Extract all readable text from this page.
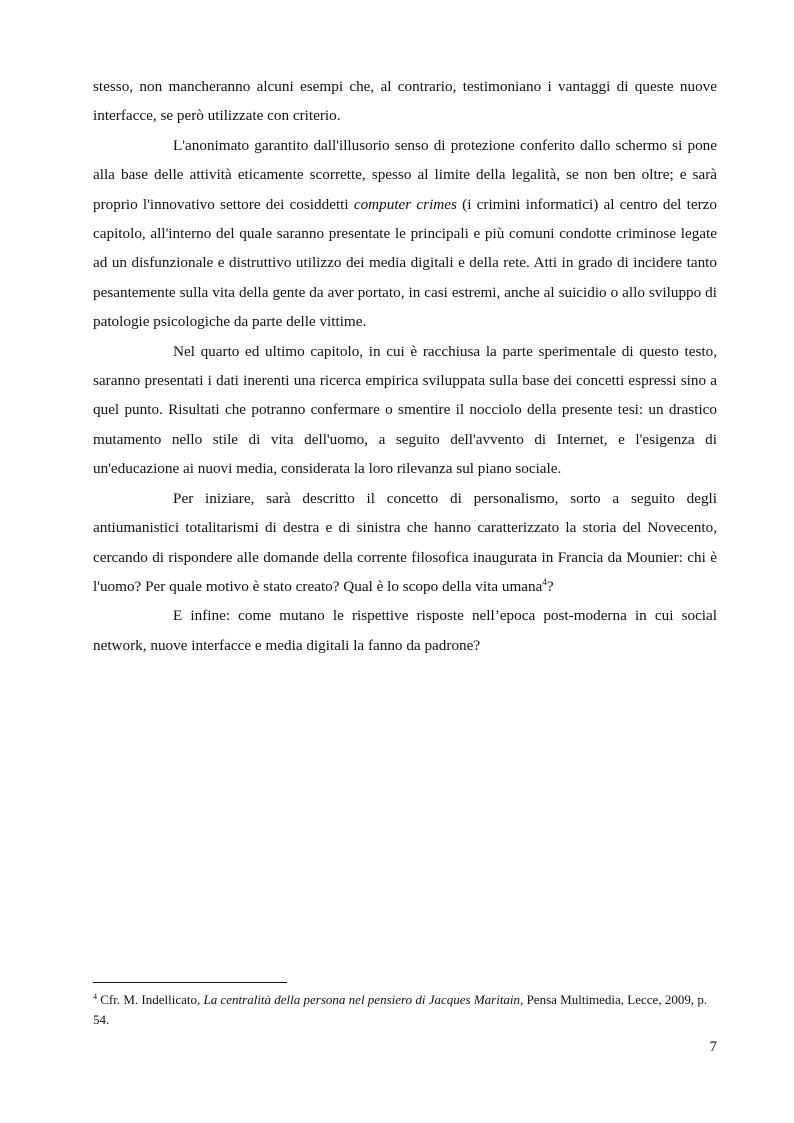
stesso, non mancheranno alcuni esempi che, al contrario, testimoniano i vantaggi di queste nuove interfacce, se però utilizzate con criterio.

L'anonimato garantito dall'illusorio senso di protezione conferito dallo schermo si pone alla base delle attività eticamente scorrette, spesso al limite della legalità, se non ben oltre; e sarà proprio l'innovativo settore dei cosiddetti computer crimes (i crimini informatici) al centro del terzo capitolo, all'interno del quale saranno presentate le principali e più comuni condotte criminose legate ad un disfunzionale e distruttivo utilizzo dei media digitali e della rete. Atti in grado di incidere tanto pesantemente sulla vita della gente da aver portato, in casi estremi, anche al suicidio o allo sviluppo di patologie psicologiche da parte delle vittime.

Nel quarto ed ultimo capitolo, in cui è racchiusa la parte sperimentale di questo testo, saranno presentati i dati inerenti una ricerca empirica sviluppata sulla base dei concetti espressi sino a quel punto. Risultati che potranno confermare o smentire il nocciolo della presente tesi: un drastico mutamento nello stile di vita dell'uomo, a seguito dell'avvento di Internet, e l'esigenza di un'educazione ai nuovi media, considerata la loro rilevanza sul piano sociale.

Per iniziare, sarà descritto il concetto di personalismo, sorto a seguito degli antiumanistici totalitarismi di destra e di sinistra che hanno caratterizzato la storia del Novecento, cercando di rispondere alle domande della corrente filosofica inaugurata in Francia da Mounier: chi è l'uomo? Per quale motivo è stato creato? Qual è lo scopo della vita umana$^4$?

E infine: come mutano le rispettive risposte nell’epoca post-moderna in cui social network, nuove interfacce e media digitali la fanno da padrone?

$^4$ Cfr. M. Indellicato, La centralità della persona nel pensiero di Jacques Maritain, Pensa Multimedia, Lecce, 2009, p. 54.
7
